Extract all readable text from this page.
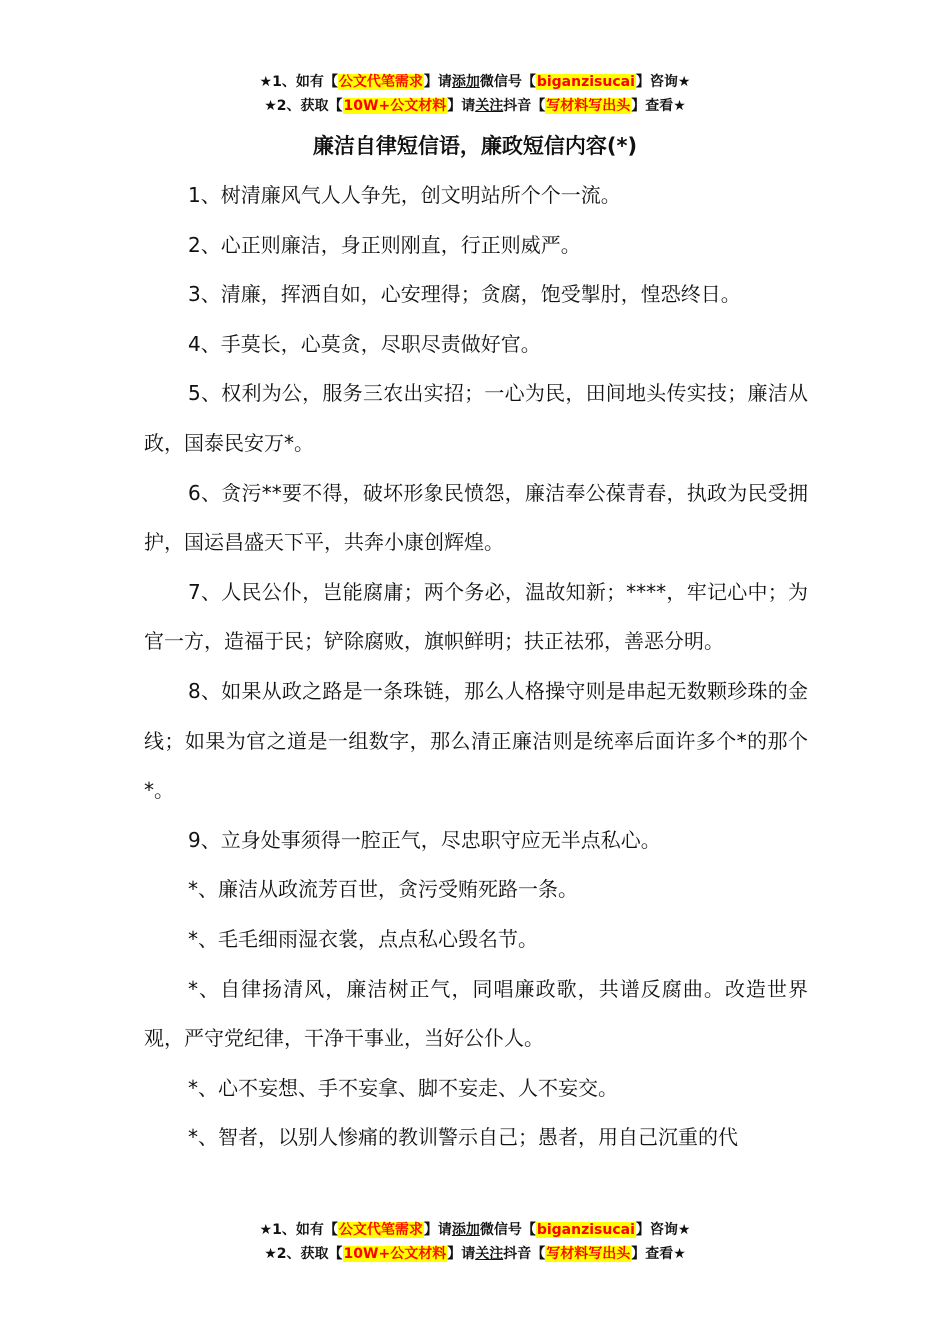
★1、如有【公文代笔需求】请添加微信号【biganzisucai】咨询★
★2、获取【10W+公文材料】请关注抖音【写材料写出头】查看★
廉洁自律短信语，廉政短信内容(*)

1、树清廉风气人人争先，创文明站所个个一流。

2、心正则廉洁，身正则刚直，行正则威严。

3、清廉，挥洒自如，心安理得；贪腐，饱受掣肘，惶恐终日。

4、手莫长，心莫贪，尽职尽责做好官。

5、权利为公，服务三农出实招；一心为民，田间地头传实技；廉洁从政，国泰民安万*。

6、贪污**要不得，破坏形象民愤怨，廉洁奉公葆青春，执政为民受拥护，国运昌盛天下平，共奔小康创辉煌。

7、人民公仆，岂能腐庸；两个务必，温故知新；****，牢记心中；为官一方，造福于民；铲除腐败，旗帜鲜明；扶正祛邪，善恶分明。

8、如果从政之路是一条珠链，那么人格操守则是串起无数颗珍珠的金线；如果为官之道是一组数字，那么清正廉洁则是统率后面许多个*的那个*。

9、立身处事须得一腔正气，尽忠职守应无半点私心。

*、廉洁从政流芳百世，贪污受贿死路一条。

*、毛毛细雨湿衣裳，点点私心毁名节。

*、自律扬清风，廉洁树正气，同唱廉政歌，共谱反腐曲。改造世界观，严守党纪律，干净干事业，当好公仆人。

*、心不妄想、手不妄拿、脚不妄走、人不妄交。

*、智者，以别人惨痛的教训警示自己；愚者，用自己沉重的代

★1、如有【公文代笔需求】请添加微信号【biganzisucai】咨询★
★2、获取【10W+公文材料】请关注抖音【写材料写出头】查看★
